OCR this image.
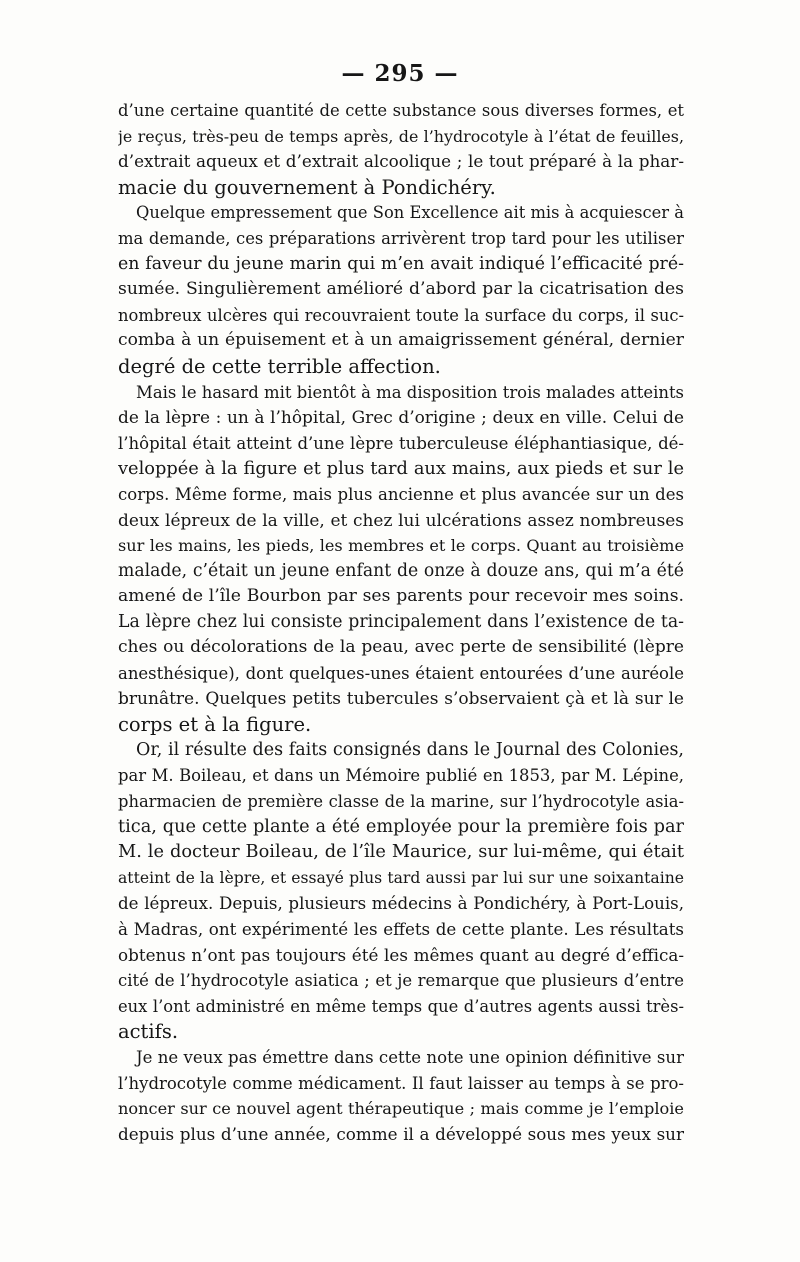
— 295 —
d’une certaine quantité de cette substance sous diverses formes, et
je reçus, très-peu de temps après, de l’hydrocotyle à l’état de feuilles,
d’extrait aqueux et d’extrait alcoolique ; le tout préparé à la phar-
macie du gouvernement à Pondichéry.
Quelque empressement que Son Excellence ait mis à acquiescer à
ma demande, ces préparations arrivèrent trop tard pour les utiliser
en faveur du jeune marin qui m’en avait indiqué l’efficacité pré-
sumée. Singulièrement amélioré d’abord par la cicatrisation des
nombreux ulcères qui recouvraient toute la surface du corps, il suc-
comba à un épuisement et à un amaigrissement général, dernier
degré de cette terrible affection.
Mais le hasard mit bientôt à ma disposition trois malades atteints
de la lèpre : un à l’hôpital, Grec d’origine ; deux en ville. Celui de
l’hôpital était atteint d’une lèpre tuberculeuse éléphantiasique, dé-
veloppée à la figure et plus tard aux mains, aux pieds et sur le
corps. Même forme, mais plus ancienne et plus avancée sur un des
deux lépreux de la ville, et chez lui ulcérations assez nombreuses
sur les mains, les pieds, les membres et le corps. Quant au troisième
malade, c’était un jeune enfant de onze à douze ans, qui m’a été
amené de l’île Bourbon par ses parents pour recevoir mes soins.
La lèpre chez lui consiste principalement dans l’existence de ta-
ches ou décolorations de la peau, avec perte de sensibilité (lèpre
anesthésique), dont quelques-unes étaient entourées d’une auréole
brunâtre. Quelques petits tubercules s’observaient çà et là sur le
corps et à la figure.
Or, il résulte des faits consignés dans le Journal des Colonies,
par M. Boileau, et dans un Mémoire publié en 1853, par M. Lépine,
pharmacien de première classe de la marine, sur l’hydrocotyle asia-
tica, que cette plante a été employée pour la première fois par
M. le docteur Boileau, de l’île Maurice, sur lui-même, qui était
atteint de la lèpre, et essayé plus tard aussi par lui sur une soixantaine
de lépreux. Depuis, plusieurs médecins à Pondichéry, à Port-Louis,
à Madras, ont expérimenté les effets de cette plante. Les résultats
obtenus n’ont pas toujours été les mêmes quant au degré d’effica-
cité de l’hydrocotyle asiatica ; et je remarque que plusieurs d’entre
eux l’ont administré en même temps que d’autres agents aussi très-
actifs.
Je ne veux pas émettre dans cette note une opinion définitive sur
l’hydrocotyle comme médicament. Il faut laisser au temps à se pro-
noncer sur ce nouvel agent thérapeutique ; mais comme je l’emploie
depuis plus d’une année, comme il a développé sous mes yeux sur
